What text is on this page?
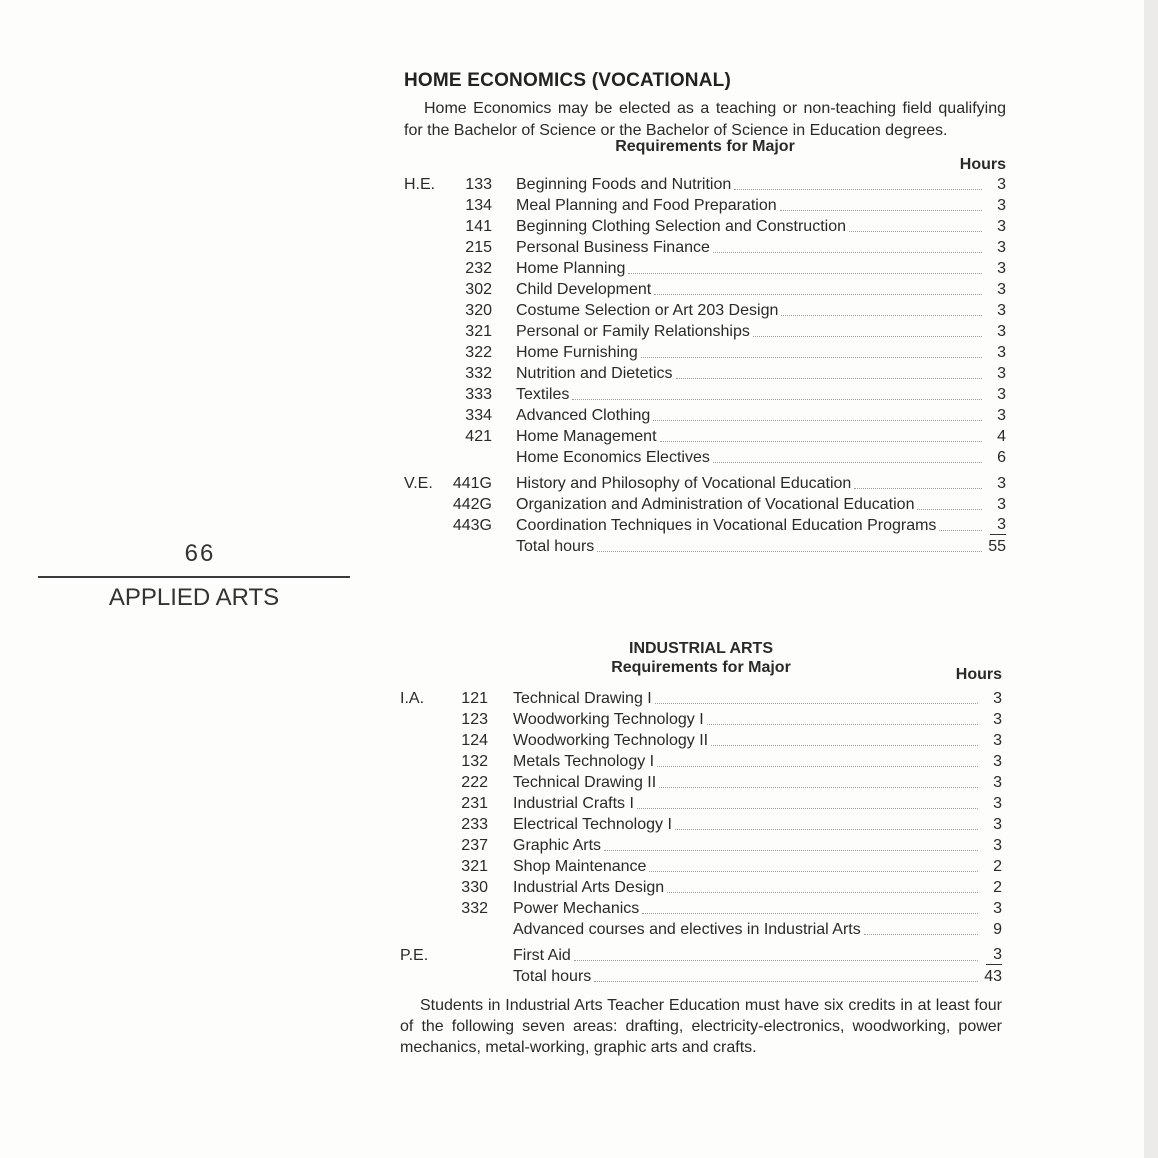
66
APPLIED ARTS
HOME ECONOMICS (VOCATIONAL)
Home Economics may be elected as a teaching or non-teaching field qualifying for the Bachelor of Science or the Bachelor of Science in Education degrees.
Requirements for Major
Hours
H.E.	133 Beginning Foods and Nutrition	3
134 Meal Planning and Food Preparation	3
141 Beginning Clothing Selection and Construction	3
215 Personal Business Finance	3
232 Home Planning	3
302 Child Development	3
320 Costume Selection or Art 203 Design	3
321 Personal or Family Relationships	3
322 Home Furnishing	3
332 Nutrition and Dietetics	3
333 Textiles	3
334 Advanced Clothing	3
421 Home Management	4
Home Economics Electives	6
V.E.	441G History and Philosophy of Vocational Education	3
442G Organization and Administration of Vocational Education	3
443G Coordination Techniques in Vocational Education Programs	3
Total hours	55
INDUSTRIAL ARTS
Requirements for Major	Hours
I.A.	121 Technical Drawing I	3
123 Woodworking Technology I	3
124 Woodworking Technology II	3
132 Metals Technology I	3
222 Technical Drawing II	3
231 Industrial Crafts I	3
233 Electrical Technology I	3
237 Graphic Arts	3
321 Shop Maintenance	2
330 Industrial Arts Design	2
332 Power Mechanics	3
Advanced courses and electives in Industrial Arts	9
P.E.	First Aid	3
Total hours	43
Students in Industrial Arts Teacher Education must have six credits in at least four of the following seven areas: drafting, electricity-electronics, woodworking, power mechanics, metal-working, graphic arts and crafts.
